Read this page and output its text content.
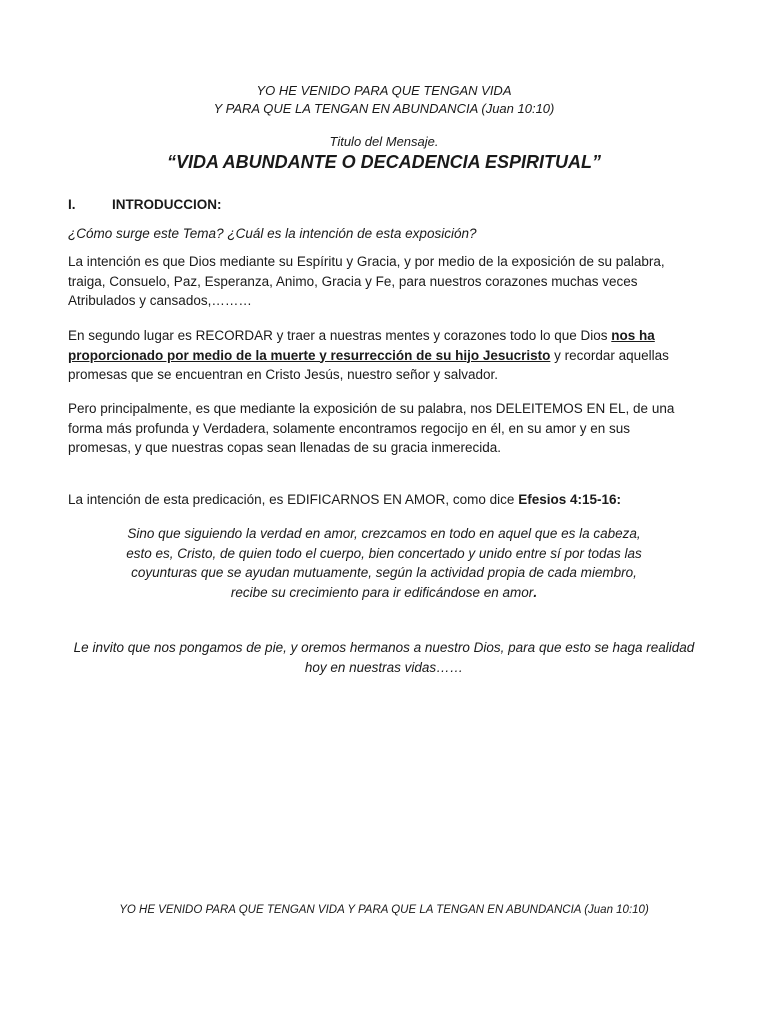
YO HE VENIDO PARA QUE TENGAN VIDA
Y PARA QUE LA TENGAN EN ABUNDANCIA (Juan 10:10)
Titulo del Mensaje.
“VIDA ABUNDANTE O DECADENCIA ESPIRITUAL”
I.	INTRODUCCION:
¿Cómo surge este Tema? ¿Cuál es la intención de esta exposición?
La intención es que Dios mediante su Espíritu y Gracia, y por medio de la exposición de su palabra,
traiga, Consuelo, Paz, Esperanza, Animo, Gracia y Fe, para nuestros corazones muchas veces
Atribulados y cansados,………
En segundo lugar es RECORDAR y traer a nuestras mentes y corazones todo lo que Dios nos ha
proporcionado por medio de la muerte y resurrección de su hijo Jesucristo y recordar aquellas
promesas que se encuentran en Cristo Jesús, nuestro señor y salvador.
Pero principalmente, es que mediante la exposición de su palabra, nos DELEITEMOS EN EL, de una
forma más profunda y Verdadera, solamente encontramos regocijo en él, en su amor y en sus
promesas, y que nuestras copas sean llenadas de su gracia inmerecida.
La intención de esta predicación, es EDIFICARNOS EN AMOR, como dice Efesios 4:15-16:
Sino que siguiendo la verdad en amor, crezcamos en todo en aquel que es la cabeza,
esto es, Cristo, de quien todo el cuerpo, bien concertado y unido entre sí por todas las
coyunturas que se ayudan mutuamente, según la actividad propia de cada miembro,
recibe su crecimiento para ir edificándose en amor.
Le invito que nos pongamos de pie, y oremos hermanos a nuestro Dios, para que esto se haga realidad
hoy en nuestras vidas……
YO HE VENIDO PARA QUE TENGAN VIDA Y PARA QUE LA TENGAN EN ABUNDANCIA (Juan 10:10)
